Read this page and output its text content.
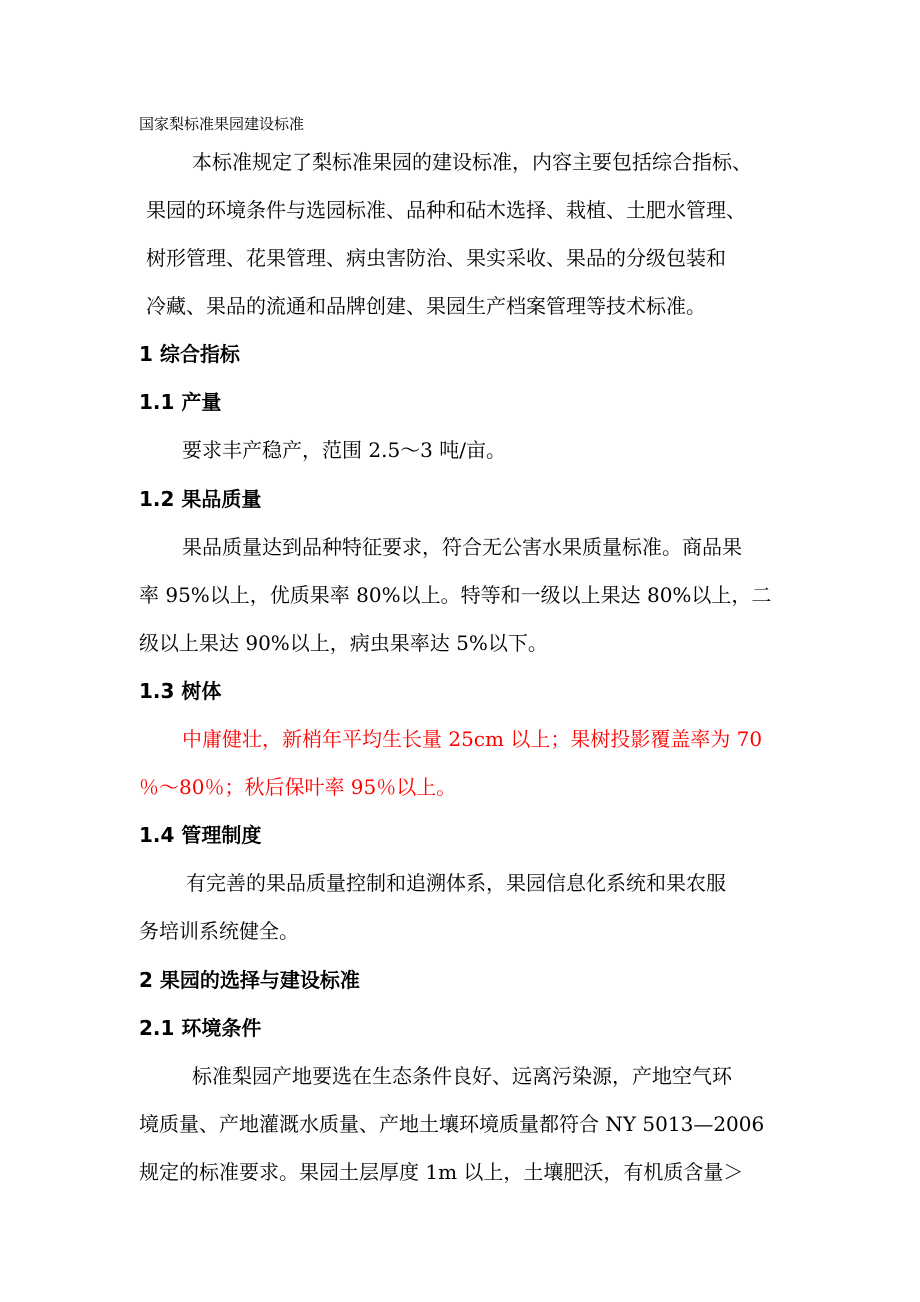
国家梨标准果园建设标准
本标准规定了梨标准果园的建设标准，内容主要包括综合指标、
果园的环境条件与选园标准、品种和砧木选择、栽植、土肥水管理、
树形管理、花果管理、病虫害防治、果实采收、果品的分级包装和
冷藏、果品的流通和品牌创建、果园生产档案管理等技术标准。
1 综合指标
1.1 产量
要求丰产稳产，范围 2.5～3 吨/亩。
1.2 果品质量
果品质量达到品种特征要求，符合无公害水果质量标准。商品果
率 95%以上，优质果率 80%以上。特等和一级以上果达 80%以上，二
级以上果达 90%以上，病虫果率达 5%以下。
1.3 树体
中庸健壮，新梢年平均生长量 25cm 以上；果树投影覆盖率为 70
％～80％；秋后保叶率 95％以上。
1.4 管理制度
有完善的果品质量控制和追溯体系，果园信息化系统和果农服
务培训系统健全。
2 果园的选择与建设标准
2.1 环境条件
标准梨园产地要选在生态条件良好、远离污染源，产地空气环
境质量、产地灌溉水质量、产地土壤环境质量都符合 NY 5013—2006
规定的标准要求。果园土层厚度 1m 以上，土壤肥沃，有机质含量＞
